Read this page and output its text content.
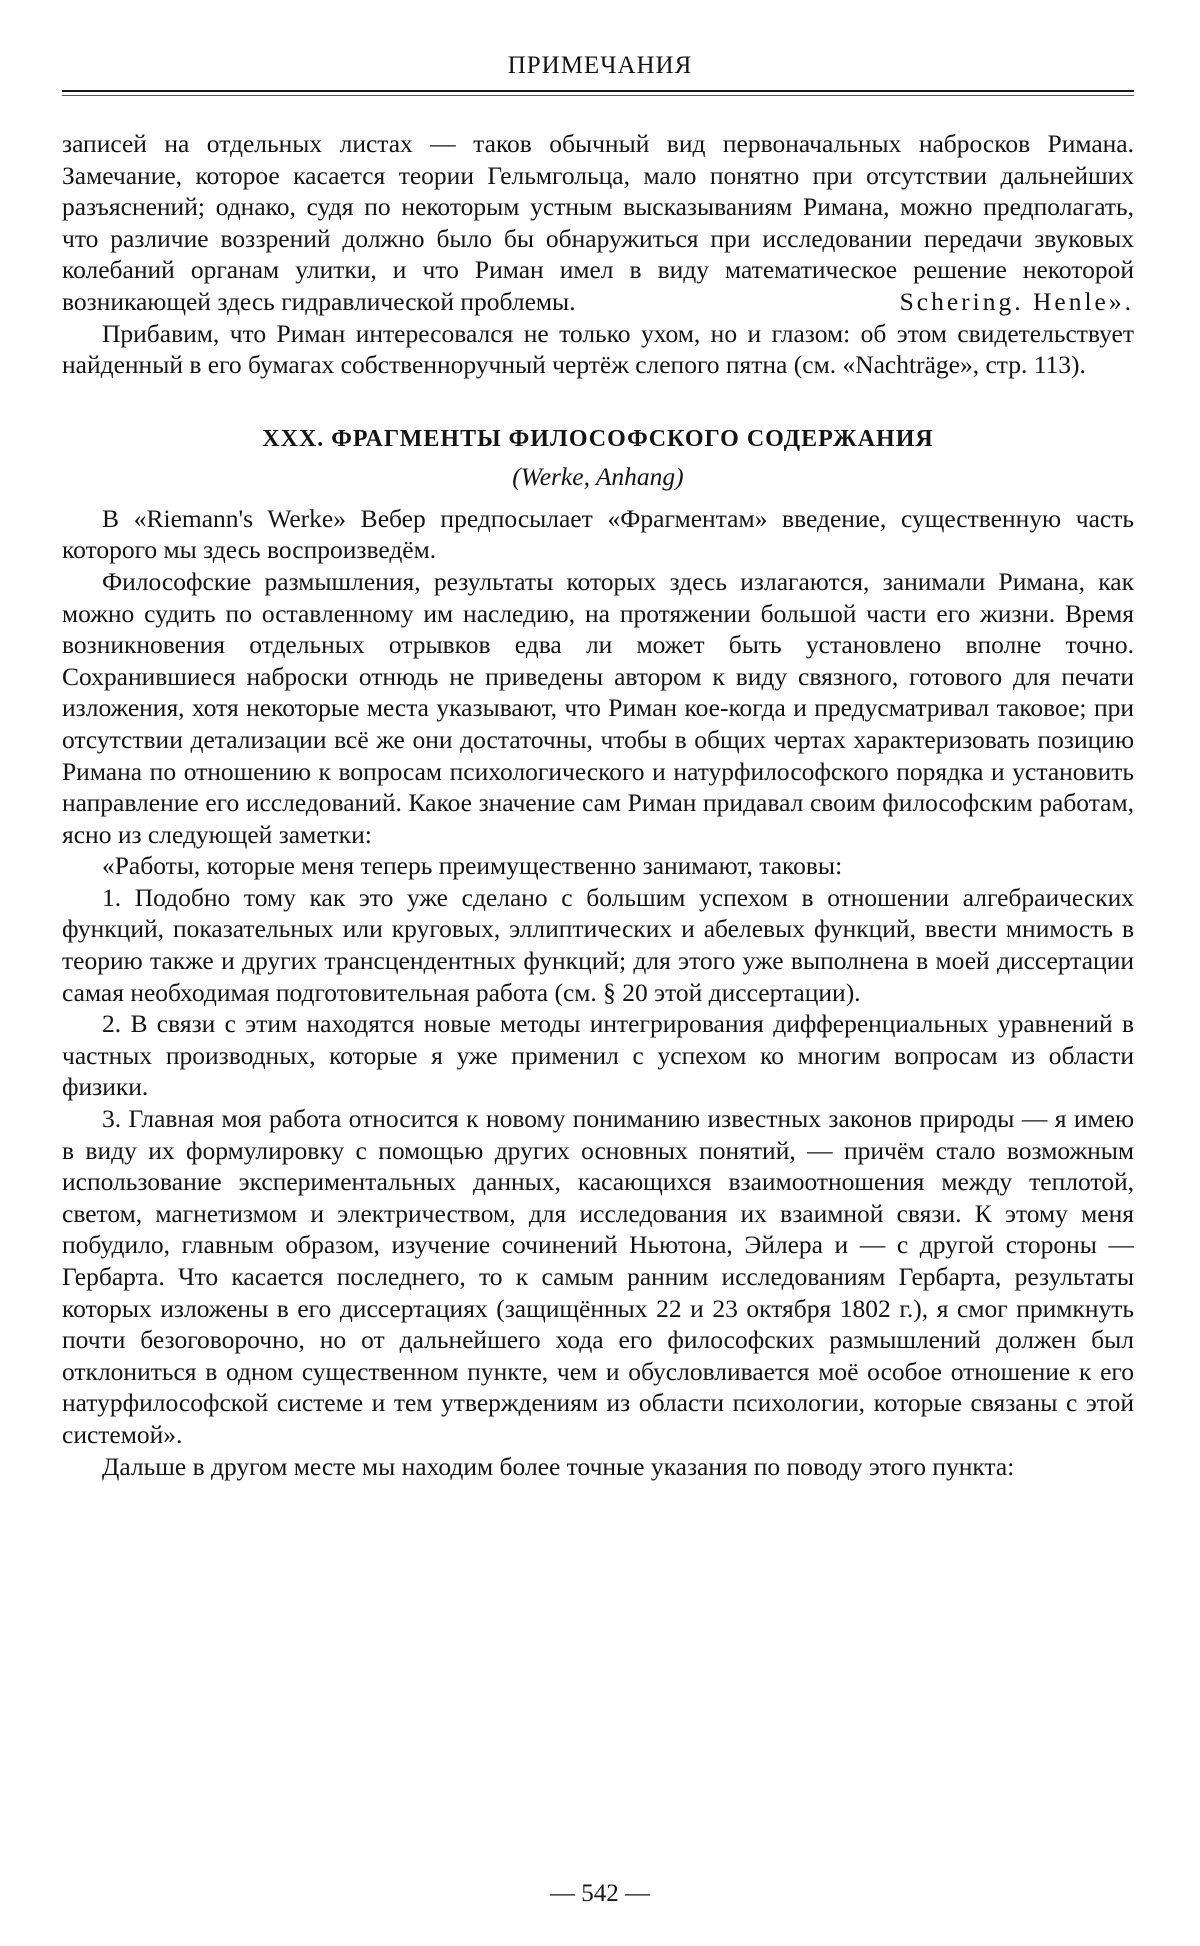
ПРИМЕЧАНИЯ

записей на отдельных листах — таков обычный вид первоначальных набросков Римана. Замечание, которое касается теории Гельмгольца, мало понятно при отсутствии дальнейших разъяснений; однако, судя по некоторым устным высказываниям Римана, можно предполагать, что различие воззрений должно было бы обнаружиться при исследовании передачи звуковых колебаний органам улитки, и что Риман имел в виду математическое решение некоторой возникающей здесь гидравлической проблемы.	Schering. Henle».

Прибавим, что Риман интересовался не только ухом, но и глазом: об этом свидетельствует найденный в его бумагах собственноручный чертёж слепого пятна (см. «Nachträge», стр. 113).

XXX. ФРАГМЕНТЫ ФИЛОСОФСКОГО СОДЕРЖАНИЯ
(Werke, Anhang)

В «Riemann's Werke» Вебер предпосылает «Фрагментам» введение, существенную часть которого мы здесь воспроизведём.

Философские размышления, результаты которых здесь излагаются, занимали Римана, как можно судить по оставленному им наследию, на протяжении большой части его жизни. Время возникновения отдельных отрывков едва ли может быть установлено вполне точно. Сохранившиеся наброски отнюдь не приведены автором к виду связного, готового для печати изложения, хотя некоторые места указывают, что Риман кое-когда и предусматривал таковое; при отсутствии детализации всё же они достаточны, чтобы в общих чертах характеризовать позицию Римана по отношению к вопросам психологического и натурфилософского порядка и установить направление его исследований. Какое значение сам Риман придавал своим философским работам, ясно из следующей заметки:

«Работы, которые меня теперь преимущественно занимают, таковы:

1. Подобно тому как это уже сделано с большим успехом в отношении алгебраических функций, показательных или круговых, эллиптических и абелевых функций, ввести мнимость в теорию также и других трансцендентных функций; для этого уже выполнена в моей диссертации самая необходимая подготовительная работа (см. § 20 этой диссертации).

2. В связи с этим находятся новые методы интегрирования дифференциальных уравнений в частных производных, которые я уже применил с успехом ко многим вопросам из области физики.

3. Главная моя работа относится к новому пониманию известных законов природы — я имею в виду их формулировку с помощью других основных понятий, — причём стало возможным использование экспериментальных данных, касающихся взаимоотношения между теплотой, светом, магнетизмом и электричеством, для исследования их взаимной связи. К этому меня побудило, главным образом, изучение сочинений Ньютона, Эйлера и — с другой стороны — Гербарта. Что касается последнего, то к самым ранним исследованиям Гербарта, результаты которых изложены в его диссертациях (защищённых 22 и 23 октября 1802 г.), я смог примкнуть почти безоговорочно, но от дальнейшего хода его философских размышлений должен был отклониться в одном существенном пункте, чем и обусловливается моё особое отношение к его натурфилософской системе и тем утверждениям из области психологии, которые связаны с этой системой».

Дальше в другом месте мы находим более точные указания по поводу этого пункта:

— 542 —
